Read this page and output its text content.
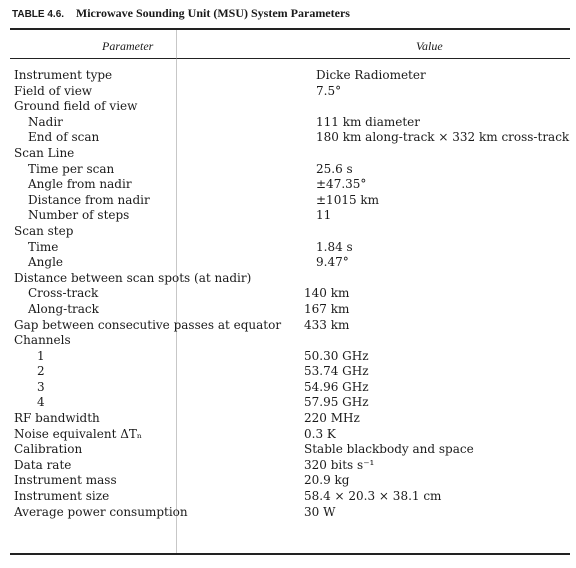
TABLE 4.6. Microwave Sounding Unit (MSU) System Parameters
Parameter	Value
Instrument type	Dicke Radiometer
Field of view	7.5°
Ground field of view
Nadir	111 km diameter
End of scan	180 km along-track × 332 km cross-track
Scan Line
Time per scan	25.6 s
Angle from nadir	±47.35°
Distance from nadir	±1015 km
Number of steps	11
Scan step
Time	1.84 s
Angle	9.47°
Distance between scan spots (at nadir)
Cross-track	140 km
Along-track	167 km
Gap between consecutive passes at equator 433 km
Channels
1	50.30 GHz
2	53.74 GHz
3	54.96 GHz
4	57.95 GHz
RF bandwidth	220 MHz
Noise equivalent ΔTₙ	0.3 K
Calibration	Stable blackbody and space
Data rate	320 bits s⁻¹
Instrument mass	20.9 kg
Instrument size	58.4 × 20.3 × 38.1 cm
Average power consumption	30 W
